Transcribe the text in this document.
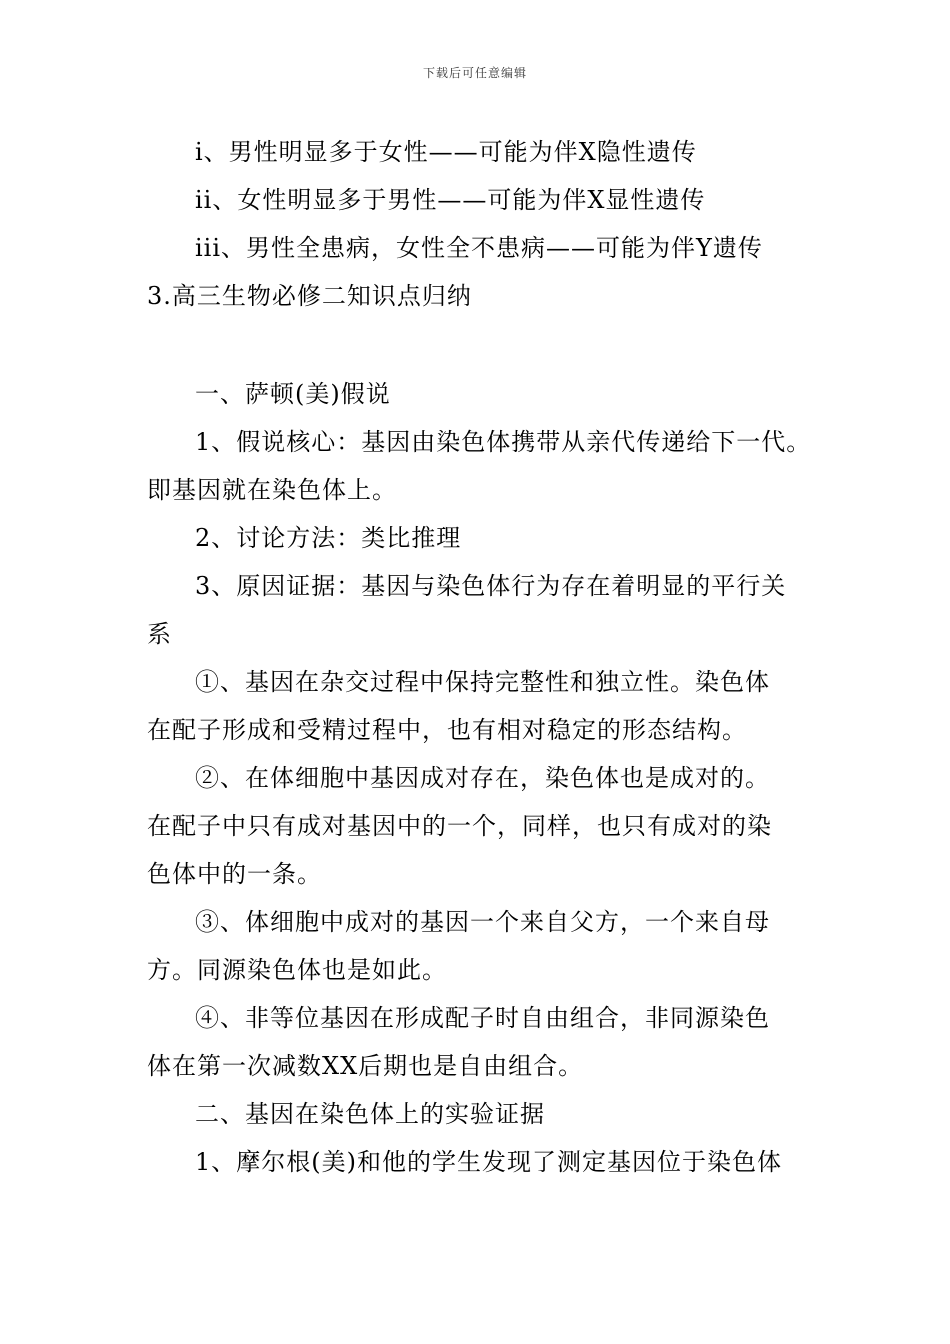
下载后可任意编辑
i、男性明显多于女性——可能为伴X隐性遗传
ii、女性明显多于男性——可能为伴X显性遗传
iii、男性全患病，女性全不患病——可能为伴Y遗传
3.高三生物必修二知识点归纳
一、萨顿(美)假说
1、假说核心：基因由染色体携带从亲代传递给下一代。
即基因就在染色体上。
2、讨论方法：类比推理
3、原因证据：基因与染色体行为存在着明显的平行关
系
①、基因在杂交过程中保持完整性和独立性。染色体
在配子形成和受精过程中，也有相对稳定的形态结构。
②、在体细胞中基因成对存在，染色体也是成对的。
在配子中只有成对基因中的一个，同样，也只有成对的染
色体中的一条。
③、体细胞中成对的基因一个来自父方，一个来自母
方。同源染色体也是如此。
④、非等位基因在形成配子时自由组合，非同源染色
体在第一次减数XX后期也是自由组合。
二、基因在染色体上的实验证据
1、摩尔根(美)和他的学生发现了测定基因位于染色体
